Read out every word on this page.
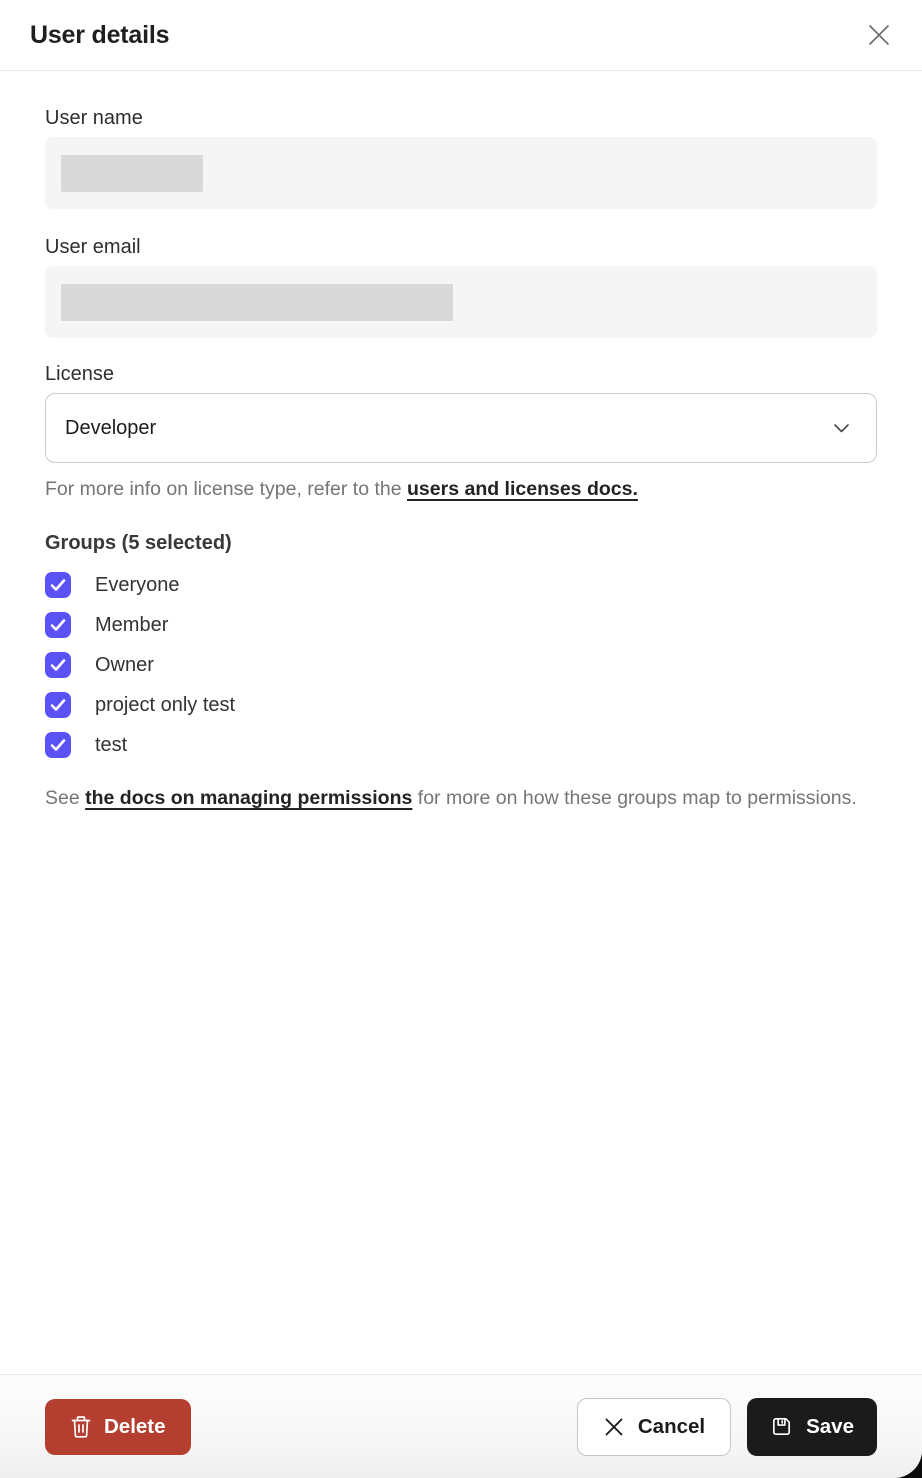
User details
User name
User email
License
Developer

For more info on license type, refer to the users and licenses docs.

Groups (5 selected)
Everyone
Member
Owner
project only test
test

See the docs on managing permissions for more on how these groups map to permissions.

Delete	Cancel	Save
